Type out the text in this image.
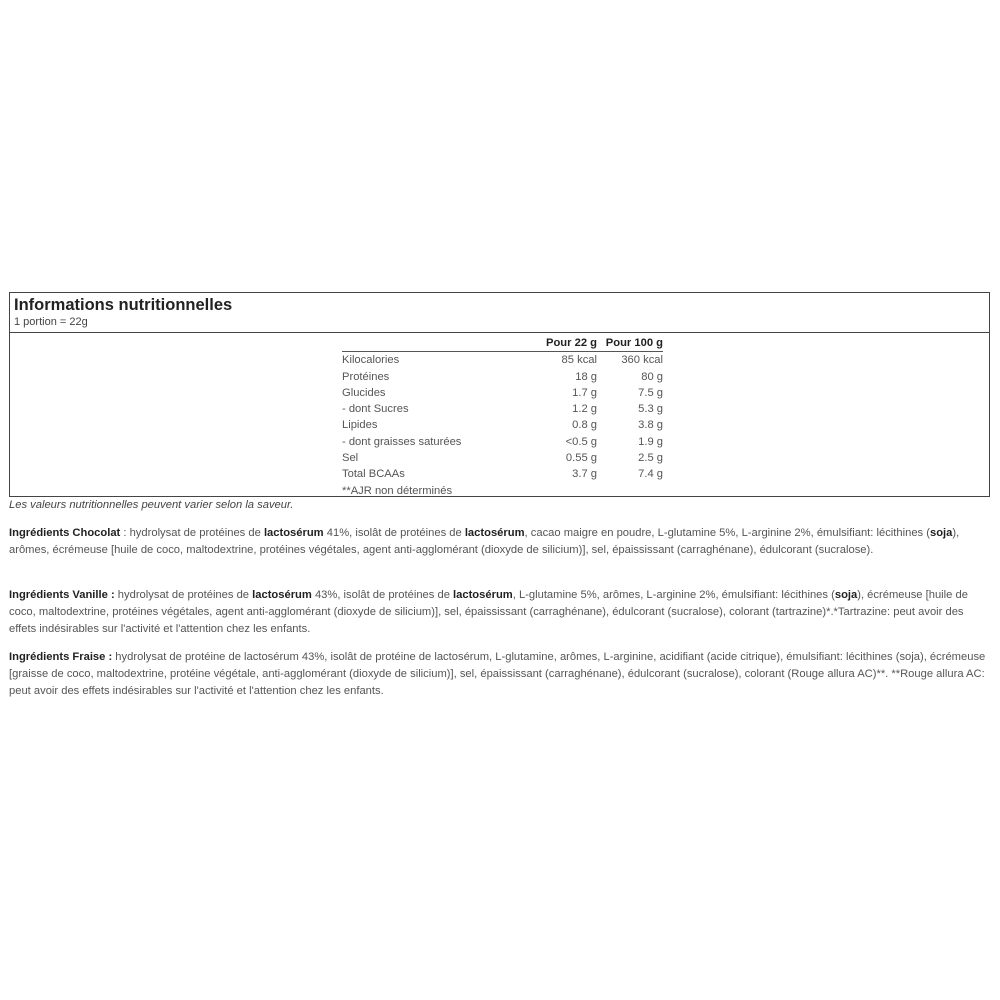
Informations nutritionnelles
1 portion = 22g
	Pour 22 g	Pour 100 g
Kilocalories	85 kcal	360 kcal
Protéines	18 g	80 g
Glucides	1.7 g	7.5 g
- dont Sucres	1.2 g	5.3 g
Lipides	0.8 g	3.8 g
- dont graisses saturées	<0.5 g	1.9 g
Sel	0.55 g	2.5 g
Total BCAAs	3.7 g	7.4 g
**AJR non déterminés		
Les valeurs nutritionnelles peuvent varier selon la saveur.
Ingrédients Chocolat : hydrolysat de protéines de lactosérum 41%, isolât de protéines de lactosérum, cacao maigre en poudre, L-glutamine 5%, L-arginine 2%, émulsifiant: lécithines (soja), arômes, écrémeuse [huile de coco, maltodextrine, protéines végétales, agent anti-agglomérant (dioxyde de silicium)], sel, épaississant (carraghénane), édulcorant (sucralose).
Ingrédients Vanille : hydrolysat de protéines de lactosérum 43%, isolât de protéines de lactosérum, L-glutamine 5%, arômes, L-arginine 2%, émulsifiant: lécithines (soja), écrémeuse [huile de coco, maltodextrine, protéines végétales, agent anti-agglomérant (dioxyde de silicium)], sel, épaississant (carraghénane), édulcorant (sucralose), colorant (tartrazine)*.*Tartrazine: peut avoir des effets indésirables sur l'activité et l'attention chez les enfants.
Ingrédients Fraise : hydrolysat de protéine de lactosérum 43%, isolât de protéine de lactosérum, L-glutamine, arômes, L-arginine, acidifiant (acide citrique), émulsifiant: lécithines (soja), écrémeuse [graisse de coco, maltodextrine, protéine végétale, anti-agglomérant (dioxyde de silicium)], sel, épaississant (carraghénane), édulcorant (sucralose), colorant (Rouge allura AC)**. **Rouge allura AC: peut avoir des effets indésirables sur l'activité et l'attention chez les enfants.
